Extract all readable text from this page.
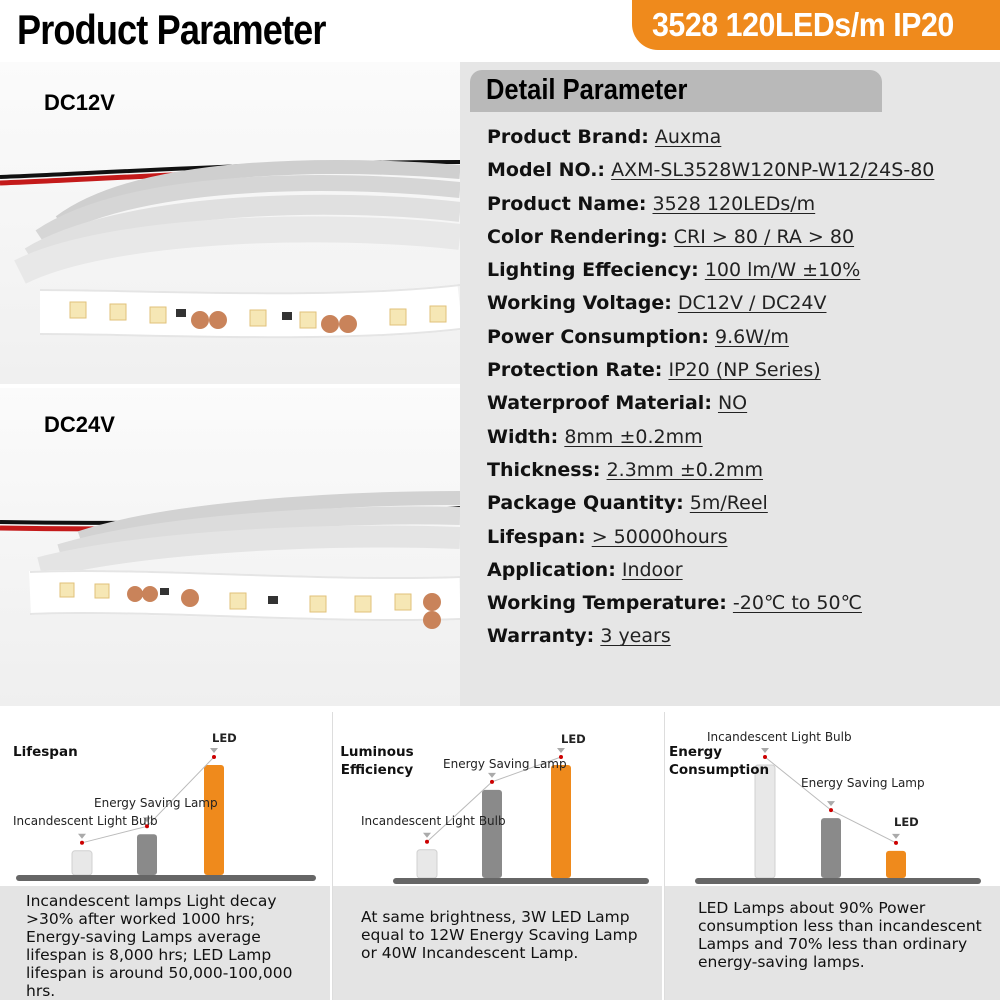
Product Parameter	3528 120LEDs/m IP20
DC12V
DC24V
Detail Parameter
Product Brand: Auxma
Model NO.: AXM-SL3528W120NP-W12/24S-80
Product Name: 3528 120LEDs/m
Color Rendering: CRI > 80 / RA > 80
Lighting Effeciency: 100 lm/W ±10%
Working Voltage: DC12V / DC24V
Power Consumption: 9.6W/m
Protection Rate: IP20 (NP Series)
Waterproof Material: NO
Width: 8mm ±0.2mm
Thickness: 2.3mm ±0.2mm
Package Quantity: 5m/Reel
Lifespan: > 50000hours
Application: Indoor
Working Temperature: -20℃ to 50℃
Warranty: 3 years
Lifespan
Incandescent Light Bulb
Energy Saving Lamp
LED
Incandescent lamps Light decay >30% after worked 1000 hrs; Energy-saving Lamps average lifespan is 8,000 hrs; LED Lamp lifespan is around 50,000-100,000 hrs.
Luminous Efficiency
Incandescent Light Bulb
Energy Saving Lamp
LED
At same brightness, 3W LED Lamp equal to 12W Energy Scaving Lamp or 40W Incandescent Lamp.
Energy Consumption
Incandescent Light Bulb
Energy Saving Lamp
LED
LED Lamps about 90% Power consumption less than incandescent Lamps and 70% less than ordinary energy-saving lamps.
